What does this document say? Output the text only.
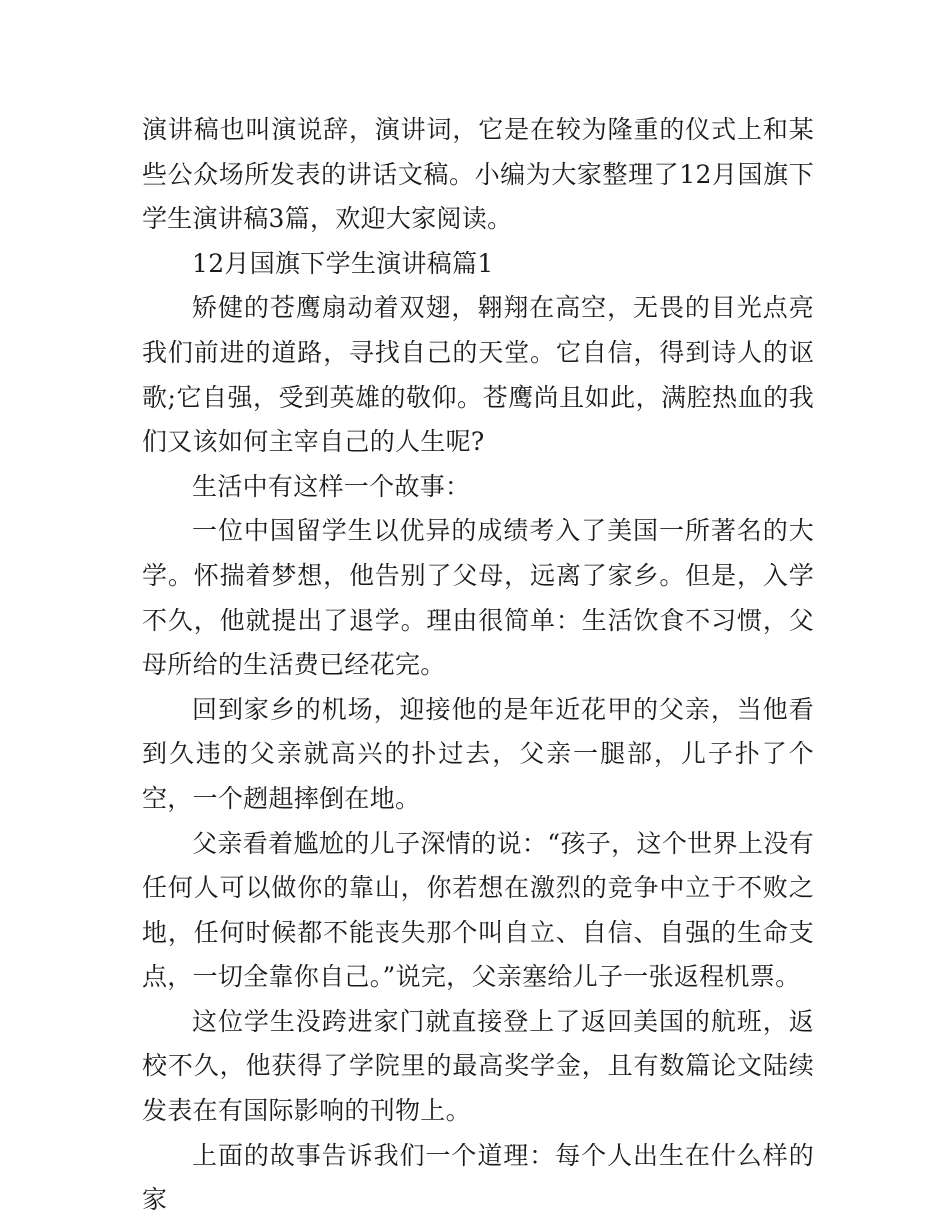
演讲稿也叫演说辞，演讲词，它是在较为隆重的仪式上和某些公众场所发表的讲话文稿。小编为大家整理了12月国旗下学生演讲稿3篇，欢迎大家阅读。

12月国旗下学生演讲稿篇1

矫健的苍鹰扇动着双翅，翱翔在高空，无畏的目光点亮我们前进的道路，寻找自己的天堂。它自信，得到诗人的讴歌;它自强，受到英雄的敬仰。苍鹰尚且如此，满腔热血的我们又该如何主宰自己的人生呢?

生活中有这样一个故事：

一位中国留学生以优异的成绩考入了美国一所著名的大学。怀揣着梦想，他告别了父母，远离了家乡。但是，入学不久，他就提出了退学。理由很简单：生活饮食不习惯，父母所给的生活费已经花完。

回到家乡的机场，迎接他的是年近花甲的父亲，当他看到久违的父亲就高兴的扑过去，父亲一腿部，儿子扑了个空，一个趔趄摔倒在地。

父亲看着尴尬的儿子深情的说：“孩子，这个世界上没有任何人可以做你的靠山，你若想在激烈的竞争中立于不败之地，任何时候都不能丧失那个叫自立、自信、自强的生命支点，一切全靠你自己。”说完，父亲塞给儿子一张返程机票。

这位学生没跨进家门就直接登上了返回美国的航班，返校不久，他获得了学院里的最高奖学金，且有数篇论文陆续发表在有国际影响的刊物上。

上面的故事告诉我们一个道理：每个人出生在什么样的家
